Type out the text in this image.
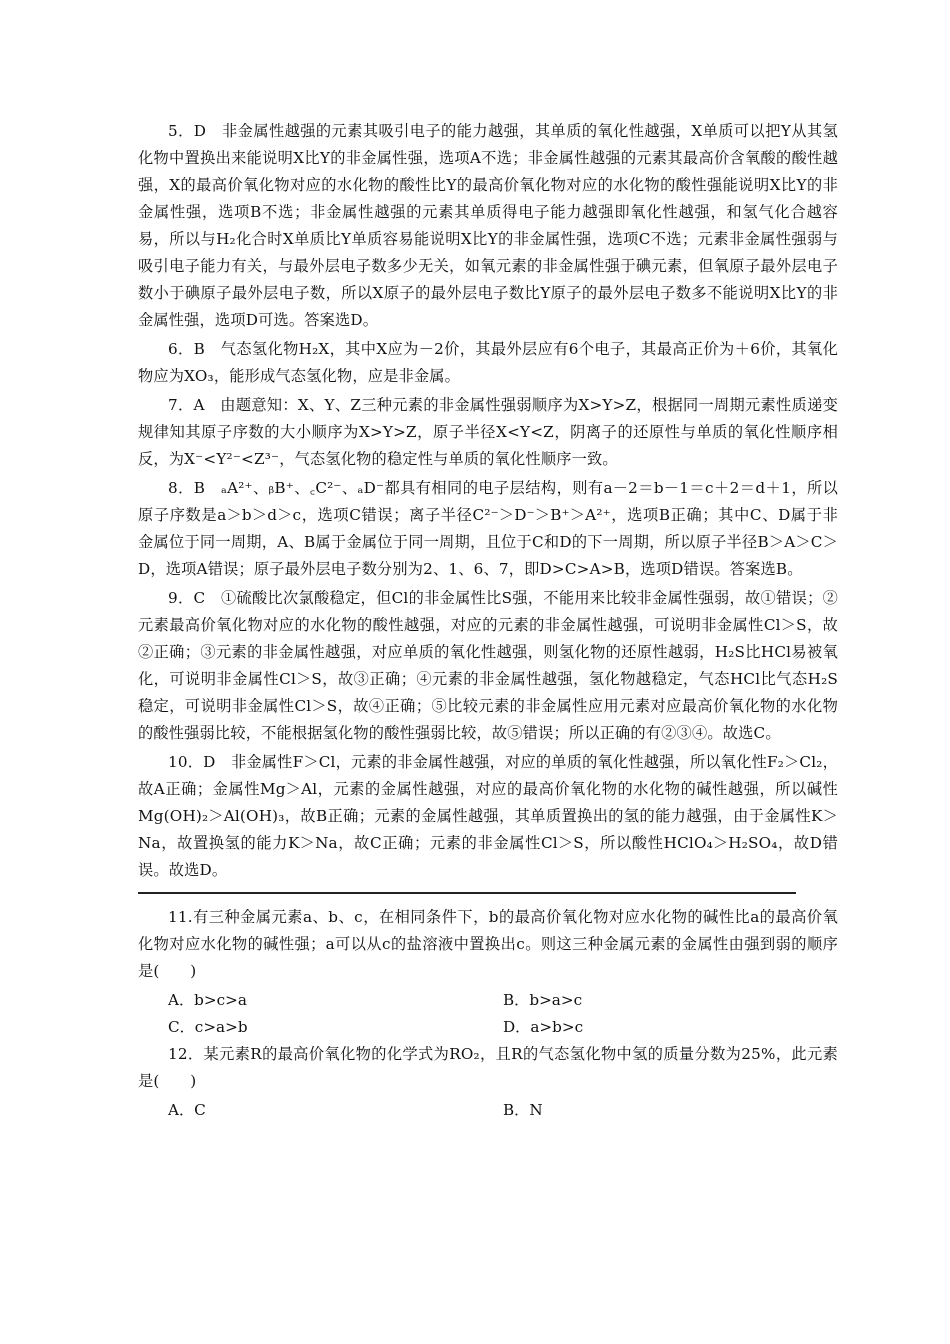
5．D　非金属性越强的元素其吸引电子的能力越强，其单质的氧化性越强，X单质可以把Y从其氢化物中置换出来能说明X比Y的非金属性强，选项A不选；非金属性越强的元素其最高价含氧酸的酸性越强，X的最高价氧化物对应的水化物的酸性比Y的最高价氧化物对应的水化物的酸性强能说明X比Y的非金属性强，选项B不选；非金属性越强的元素其单质得电子能力越强即氧化性越强，和氢气化合越容易，所以与H₂化合时X单质比Y单质容易能说明X比Y的非金属性强，选项C不选；元素非金属性强弱与吸引电子能力有关，与最外层电子数多少无关，如氧元素的非金属性强于碘元素，但氧原子最外层电子数小于碘原子最外层电子数，所以X原子的最外层电子数比Y原子的最外层电子数多不能说明X比Y的非金属性强，选项D可选。答案选D。

6．B　气态氢化物H₂X，其中X应为－2价，其最外层应有6个电子，其最高正价为＋6价，其氧化物应为XO₃，能形成气态氢化物，应是非金属。

7．A　由题意知：X、Y、Z三种元素的非金属性强弱顺序为X>Y>Z，根据同一周期元素性质递变规律知其原子序数的大小顺序为X>Y>Z，原子半径X<Y<Z，阴离子的还原性与单质的氧化性顺序相反，为X⁻<Y²⁻<Z³⁻，气态氢化物的稳定性与单质的氧化性顺序一致。

8．B　ₐA²⁺、ᵦB⁺、꜀C²⁻、ₐD⁻都具有相同的电子层结构，则有a－2＝b－1＝c＋2＝d＋1，所以原子序数是a＞b＞d＞c，选项C错误；离子半径C²⁻＞D⁻＞B⁺＞A²⁺，选项B正确；其中C、D属于非金属位于同一周期，A、B属于金属位于同一周期，且位于C和D的下一周期，所以原子半径B＞A＞C＞D，选项A错误；原子最外层电子数分别为2、1、6、7，即D>C>A>B，选项D错误。答案选B。

9．C　①硫酸比次氯酸稳定，但Cl的非金属性比S强，不能用来比较非金属性强弱，故①错误；②元素最高价氧化物对应的水化物的酸性越强，对应的元素的非金属性越强，可说明非金属性Cl＞S，故②正确；③元素的非金属性越强，对应单质的氧化性越强，则氢化物的还原性越弱，H₂S比HCl易被氧化，可说明非金属性Cl＞S，故③正确；④元素的非金属性越强，氢化物越稳定，气态HCl比气态H₂S稳定，可说明非金属性Cl＞S，故④正确；⑤比较元素的非金属性应用元素对应最高价氧化物的水化物的酸性强弱比较，不能根据氢化物的酸性强弱比较，故⑤错误；所以正确的有②③④。故选C。

10．D　非金属性F＞Cl，元素的非金属性越强，对应的单质的氧化性越强，所以氧化性F₂＞Cl₂，故A正确；金属性Mg＞Al，元素的金属性越强，对应的最高价氧化物的水化物的碱性越强，所以碱性Mg(OH)₂＞Al(OH)₃，故B正确；元素的金属性越强，其单质置换出的氢的能力越强，由于金属性K＞Na，故置换氢的能力K＞Na，故C正确；元素的非金属性Cl＞S，所以酸性HClO₄＞H₂SO₄，故D错误。故选D。

11.有三种金属元素a、b、c，在相同条件下，b的最高价氧化物对应水化物的碱性比a的最高价氧化物对应水化物的碱性强；a可以从c的盐溶液中置换出c。则这三种金属元素的金属性由强到弱的顺序是(　　)

A．b>c>a	B．b>a>c
C．c>a>b	D．a>b>c

12．某元素R的最高价氧化物的化学式为RO₂，且R的气态氢化物中氢的质量分数为25%，此元素是(　　)

A．C	B．N
